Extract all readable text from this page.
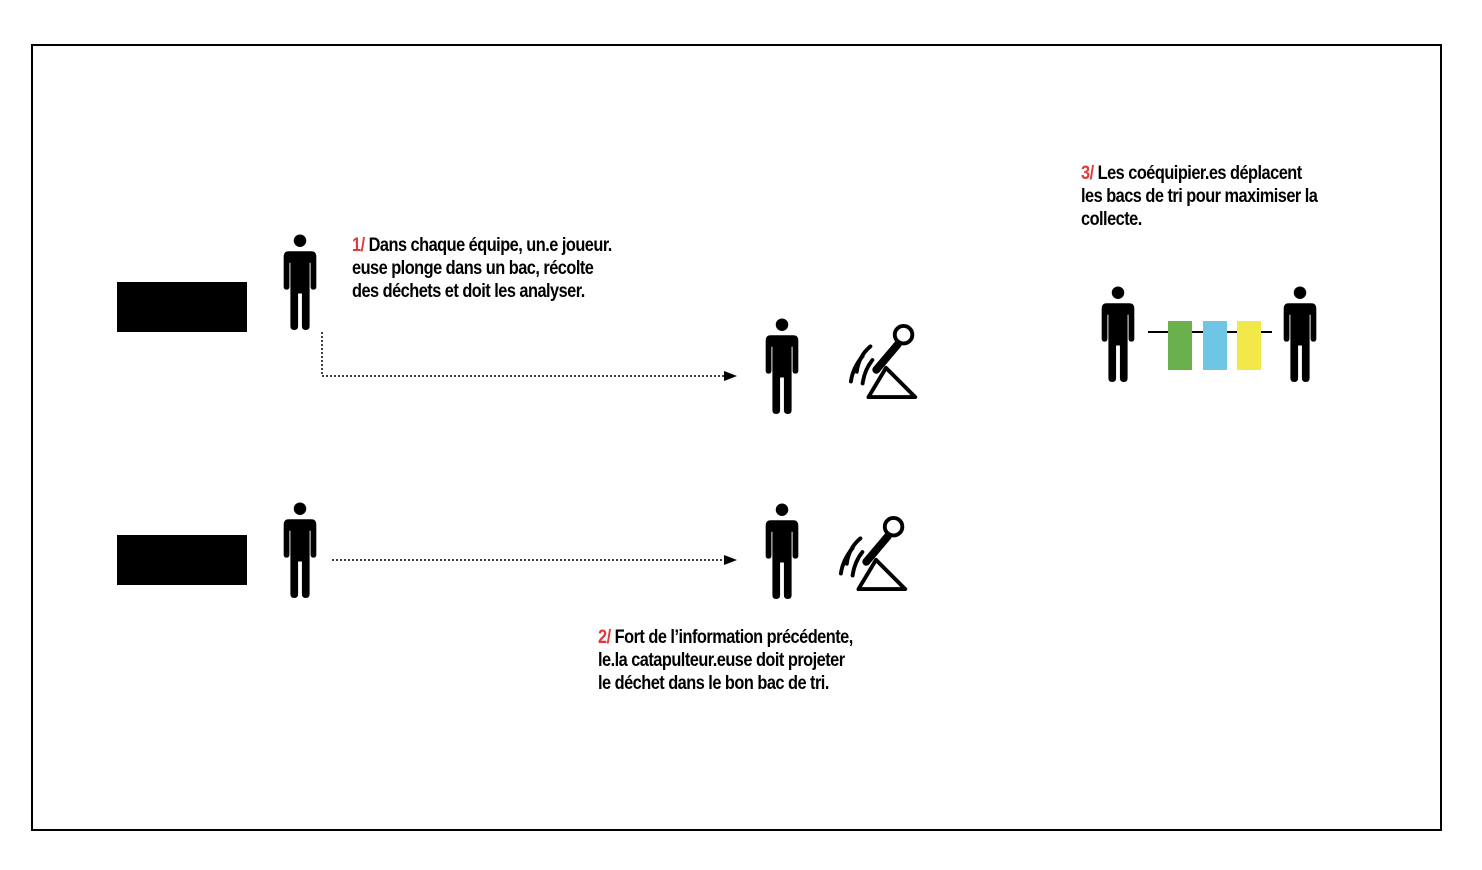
1/ Dans chaque équipe, un.e joueur.
euse plonge dans un bac, récolte
des déchets et doit les analyser.
2/ Fort de l’information précédente,
le.la catapulteur.euse doit projeter
le déchet dans le bon bac de tri.
3/ Les coéquipier.es déplacent
les bacs de tri pour maximiser la
collecte.
